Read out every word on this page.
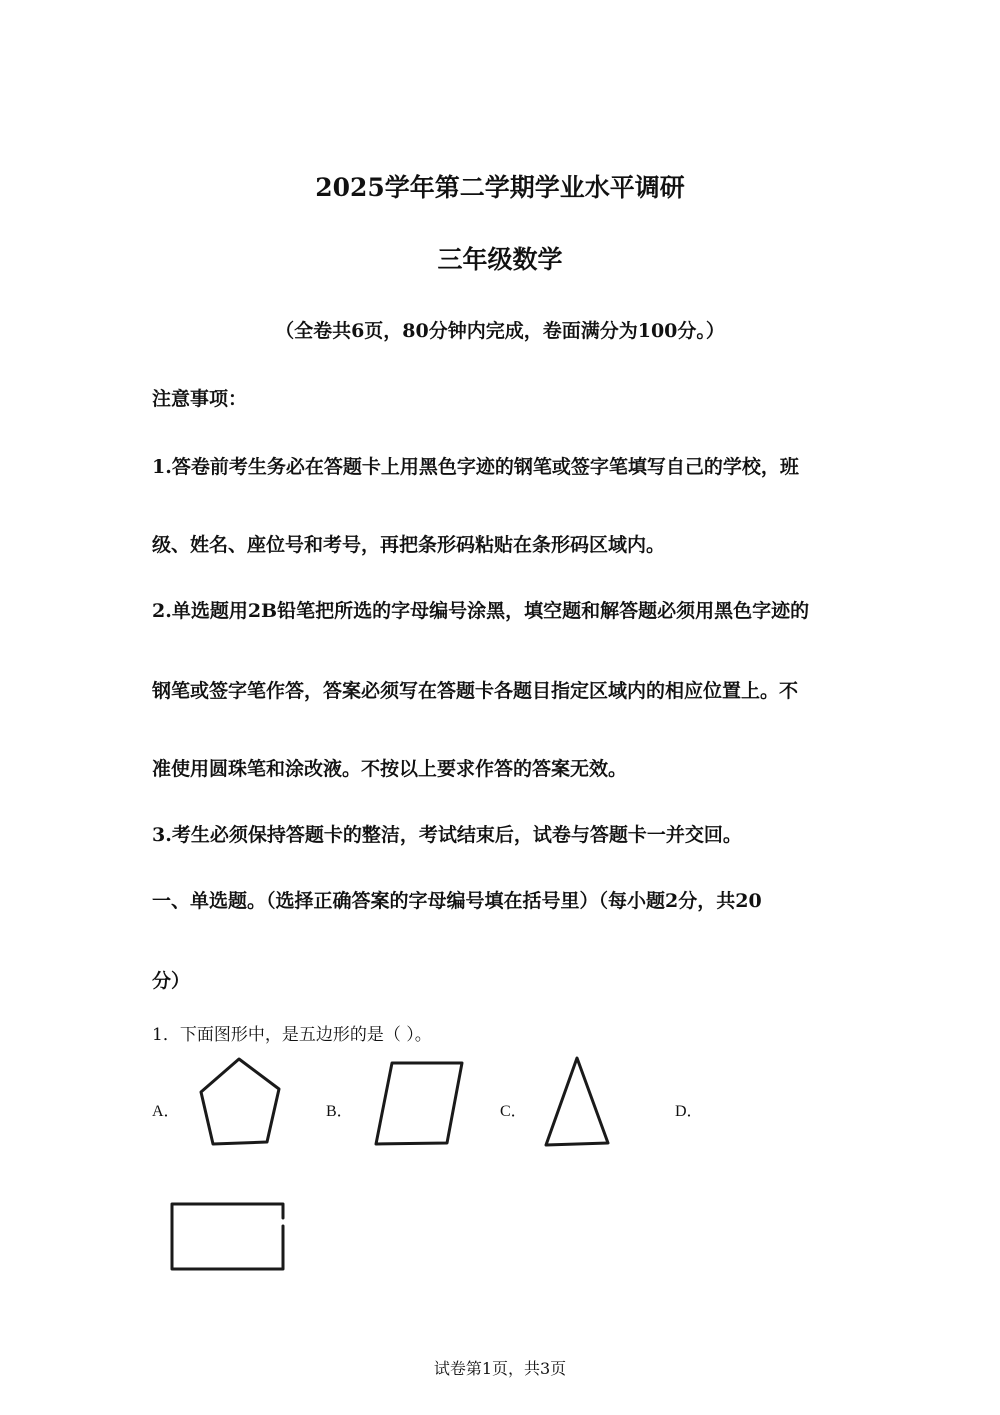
2025学年第二学期学业水平调研
三年级数学
（全卷共6页，80分钟内完成，卷面满分为100分。）
注意事项：
1.答卷前考生务必在答题卡上用黑色字迹的钢笔或签字笔填写自己的学校，班
级、姓名、座位号和考号，再把条形码粘贴在条形码区域内。
2.单选题用2B铅笔把所选的字母编号涂黑，填空题和解答题必须用黑色字迹的
钢笔或签字笔作答，答案必须写在答题卡各题目指定区域内的相应位置上。不
准使用圆珠笔和涂改液。不按以上要求作答的答案无效。
3.考生必须保持答题卡的整洁，考试结束后，试卷与答题卡一并交回。
一、单选题。（选择正确答案的字母编号填在括号里）（每小题2分，共20
分）
1．下面图形中，是五边形的是（ ）。
A．	B．	C．	D．
试卷第1页，共3页
